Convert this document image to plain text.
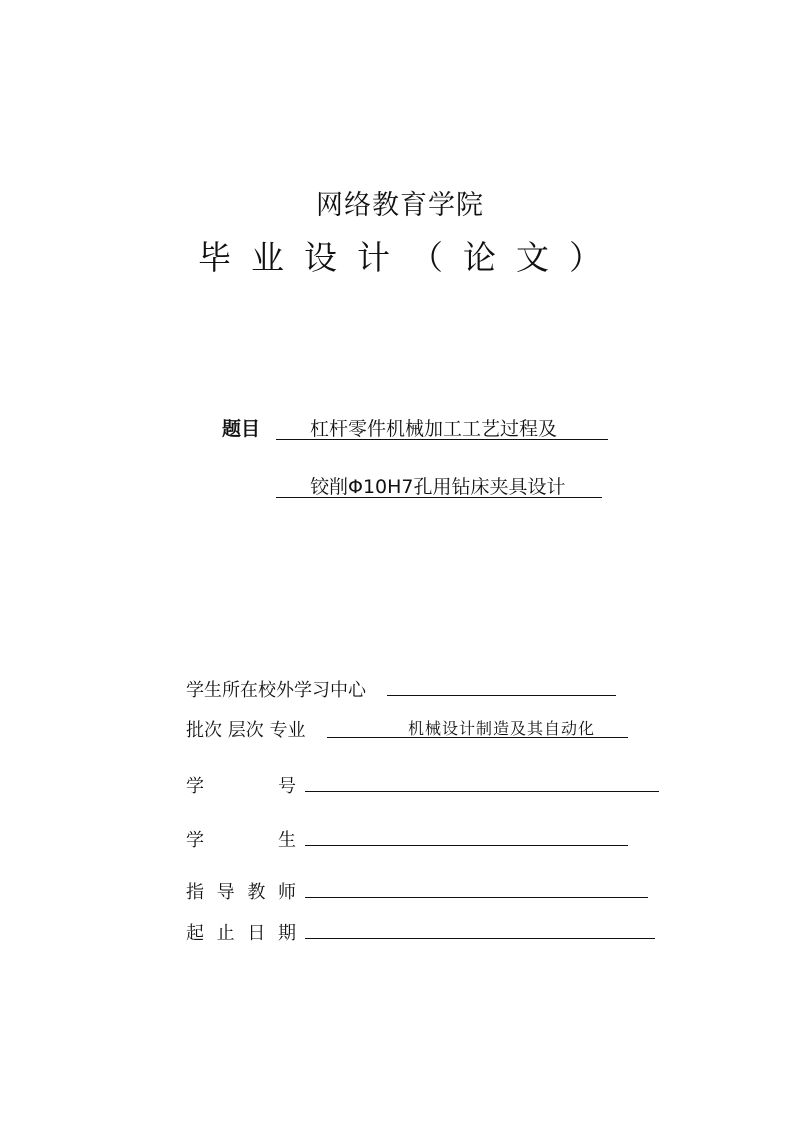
网络教育学院
毕业设计（论文）
题目	杠杆零件机械加工工艺过程及
铰削Φ10H7孔用钻床夹具设计
学生所在校外学习中心
批次 层次 专业	机械设计制造及其自动化
学	号
学	生
指 导 教 师
起 止 日 期
